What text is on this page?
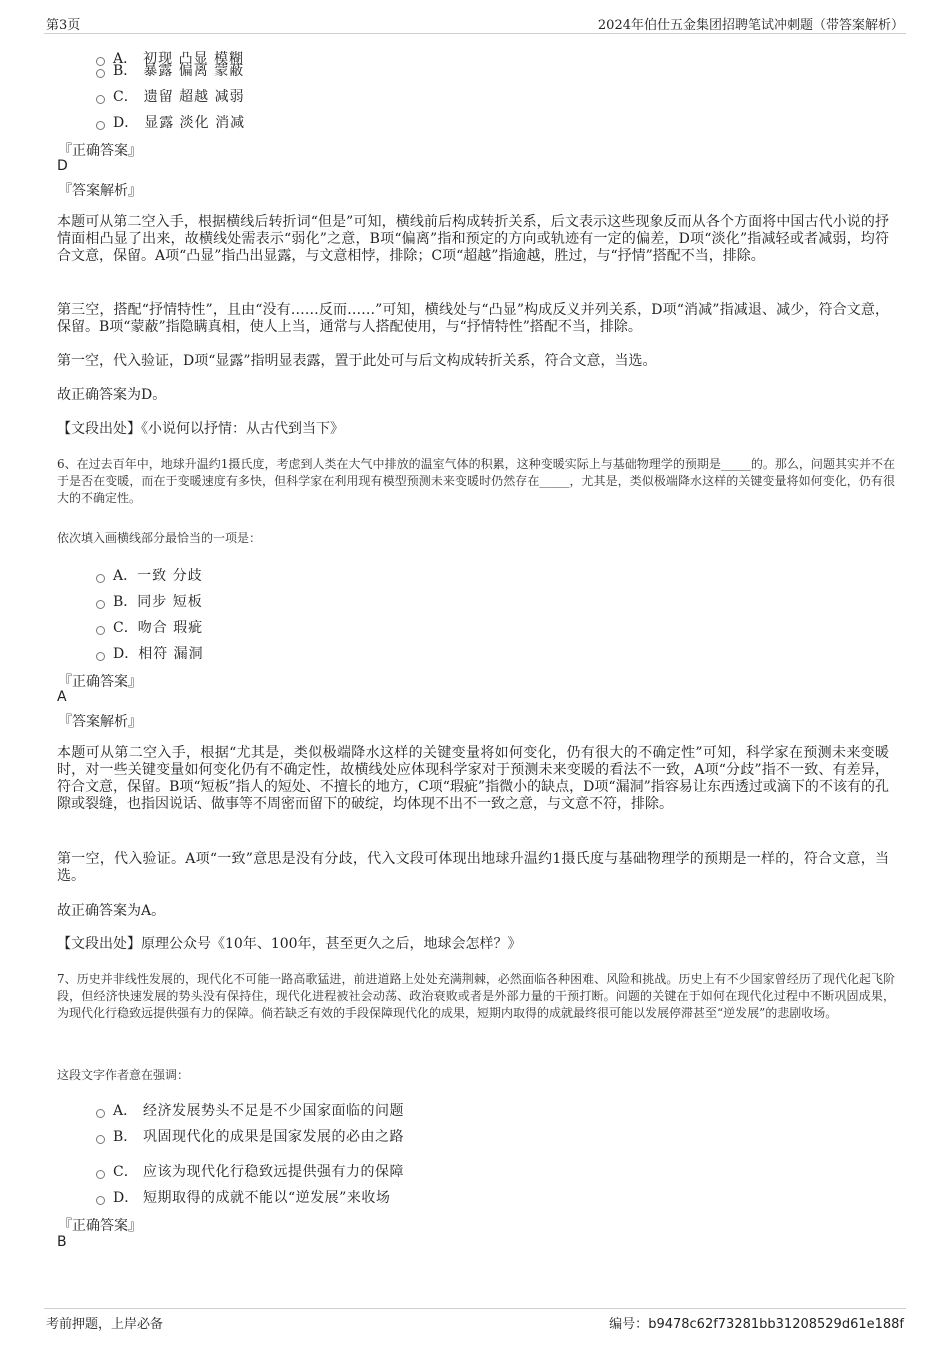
第3页	2024年伯仕五金集团招聘笔试冲刺题（带答案解析）
A． 初现 凸显 模糊
B． 暴露 偏离 蒙蔽
C． 遗留 超越 减弱
D． 显露 淡化 消减
『正确答案』
D
『答案解析』
本题可从第二空入手，根据横线后转折词“但是”可知，横线前后构成转折关系，后文表示这些现象反而从各个方面将中国古代小说的抒情面相凸显了出来，故横线处需表示“弱化”之意，B项“偏离”指和预定的方向或轨迹有一定的偏差，D项“淡化”指减轻或者减弱，均符合文意，保留。A项“凸显”指凸出显露，与文意相悖，排除；C项“超越”指逾越，胜过，与“抒情”搭配不当，排除。
第三空，搭配“抒情特性”，且由“没有……反而……”可知，横线处与“凸显”构成反义并列关系，D项“消减”指减退、减少，符合文意，保留。B项“蒙蔽”指隐瞒真相，使人上当，通常与人搭配使用，与“抒情特性”搭配不当，排除。
第一空，代入验证，D项“显露”指明显表露，置于此处可与后文构成转折关系，符合文意，当选。
故正确答案为D。
【文段出处】《小说何以抒情：从古代到当下》
6、在过去百年中，地球升温约1摄氏度，考虑到人类在大气中排放的温室气体的积累，这种变暖实际上与基础物理学的预期是_____的。那么，问题其实并不在于是否在变暖，而在于变暖速度有多快，但科学家在利用现有模型预测未来变暖时仍然存在_____，尤其是，类似极端降水这样的关键变量将如何变化，仍有很大的不确定性。
依次填入画横线部分最恰当的一项是：
A． 一致 分歧
B． 同步 短板
C． 吻合 瑕疵
D． 相符 漏洞
『正确答案』
A
『答案解析』
本题可从第二空入手，根据“尤其是，类似极端降水这样的关键变量将如何变化，仍有很大的不确定性”可知，科学家在预测未来变暖时，对一些关键变量如何变化仍有不确定性，故横线处应体现科学家对于预测未来变暖的看法不一致，A项“分歧”指不一致、有差异，符合文意，保留。B项“短板”指人的短处、不擅长的地方，C项“瑕疵”指微小的缺点，D项“漏洞”指容易让东西透过或滴下的不该有的孔隙或裂缝，也指因说话、做事等不周密而留下的破绽，均体现不出不一致之意，与文意不符，排除。
第一空，代入验证。A项“一致”意思是没有分歧，代入文段可体现出地球升温约1摄氏度与基础物理学的预期是一样的，符合文意，当选。
故正确答案为A。
【文段出处】原理公众号《10年、100年，甚至更久之后，地球会怎样？》
7、历史并非线性发展的，现代化不可能一路高歌猛进，前进道路上处处充满荆棘，必然面临各种困难、风险和挑战。历史上有不少国家曾经历了现代化起飞阶段，但经济快速发展的势头没有保持住，现代化进程被社会动荡、政治衰败或者是外部力量的干预打断。问题的关键在于如何在现代化过程中不断巩固成果，为现代化行稳致远提供强有力的保障。倘若缺乏有效的手段保障现代化的成果，短期内取得的成就最终很可能以发展停滞甚至“逆发展”的悲剧收场。
这段文字作者意在强调：
A． 经济发展势头不足是不少国家面临的问题
B． 巩固现代化的成果是国家发展的必由之路
C． 应该为现代化行稳致远提供强有力的保障
D． 短期取得的成就不能以“逆发展”来收场
『正确答案』
B
考前押题，上岸必备	编号：b9478c62f73281bb31208529d61e188f
